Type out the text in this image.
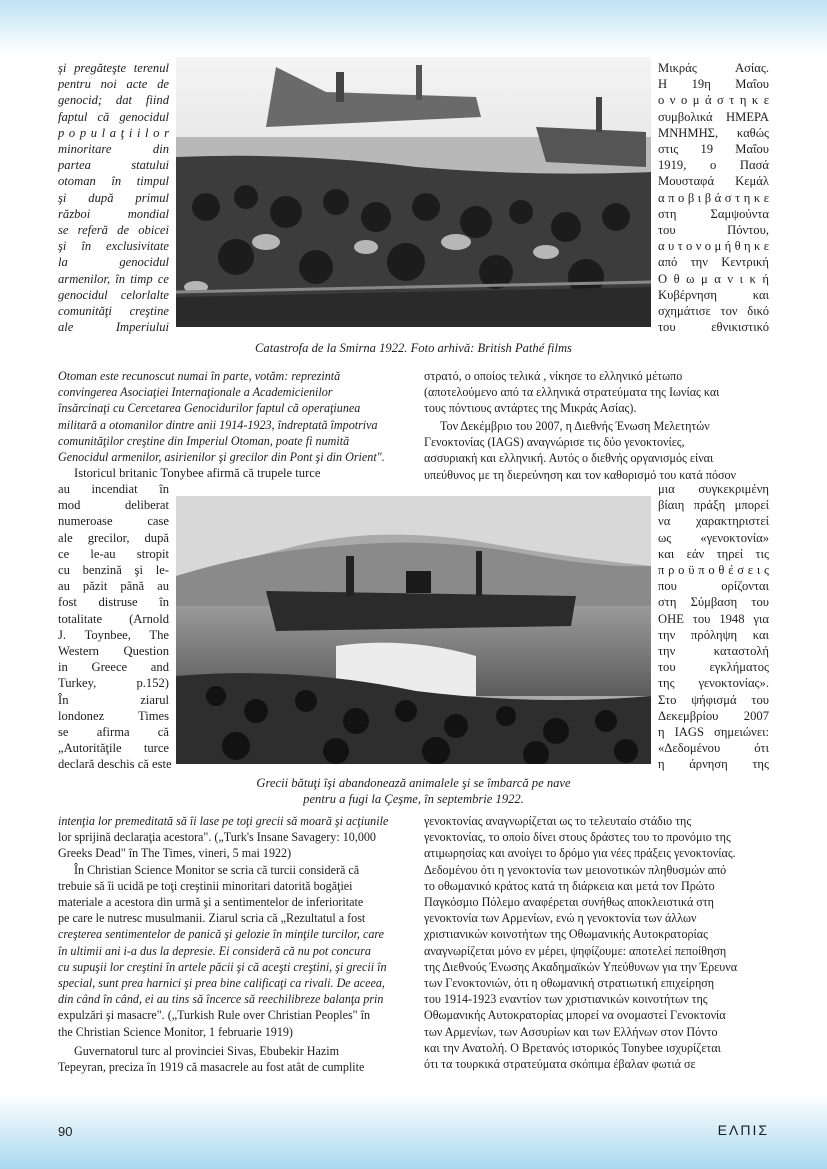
Catastrofa de la Smirna 1922. Foto arhivă: British Pathé films
Grecii bătuţi îşi abandonează animalele şi se îmbarcă pe nave
pentru a fugi la Çeşme, în septembrie 1922.
şi pregăteşte terenul
pentru noi acte de
genocid; dat fiind
faptul că genocidul
p o p u l a ţ i i l o r
minoritare din
partea statului
otoman în timpul
şi după primul
război mondial
se referă de obicei
şi în exclusivitate
la genocidul
armenilor, în timp ce
genocidul celorlalte
comunităţi creştine
ale Imperiului
Μικράς Ασίας.
Η 19η Μαΐου
ο ν ο μ ά σ τ η κ ε
συμβολικά ΗΜΕΡΑ
ΜΝΗΜΗΣ, καθώς
στις 19 Μαΐου
1919, ο Πασά
Μουσταφά Κεμάλ
α π ο β ι β ά σ τ η κ ε
στη Σαμψούντα
του Πόντου,
α υ τ ο ν ο μ ή θ η κ ε
από την Κεντρική
Ο θ ω μ α ν ι κ ή
Κυβέρνηση και
σχημάτισε τον δικό
του εθνικιστικό
Otoman este recunoscut numai în parte, votăm: reprezintă
convingerea Asociaţiei Internaţionale a Academicienilor
însărcinaţi cu Cercetarea Genocidurilor faptul că operaţiunea
militară a otomanilor dintre anii 1914-1923, îndreptată împotriva
comunităţilor creştine din Imperiul Otoman, poate fi numită
Genocidul armenilor, asirienilor şi grecilor din Pont şi din Orient".
Istoricul britanic Tonybee afirmă că trupele turce
στρατό, ο οποίος τελικά , νίκησε το ελληνικό μέτωπο
(αποτελούμενο από τα ελληνικά στρατεύματα της Ιωνίας και
τους πόντιους αντάρτες της Μικράς Ασίας).
Τον Δεκέμβριο του 2007, η Διεθνής Ένωση Μελετητών
Γενοκτονίας (IAGS) αναγνώρισε τις δύο γενοκτονίες,
ασσυριακή και ελληνική. Αυτός ο διεθνής οργανισμός είναι
υπεύθυνος με τη διερεύνηση και τον καθορισμό του κατά πόσον
au incendiat în
mod deliberat
numeroase case
ale grecilor, după
ce le-au stropit
cu benzină şi le-
au păzit până au
fost distruse în
totalitate (Arnold
J. Toynbee, The
Western Question
in Greece and
Turkey, p.152)
În ziarul
londonez Times
se afirma că
„Autorităţile turce
declară deschis că este
μια συγκεκριμένη
βίαιη πράξη μπορεί
να χαρακτηριστεί
ως «γενοκτονία»
και εάν τηρεί τις
π ρ ο ϋ π ο θ έ σ ε ι ς
που ορίζονται
στη Σύμβαση του
ΟΗΕ του 1948 για
την πρόληψη και
την καταστολή
του εγκλήματος
της γενοκτονίας».
Στο ψήφισμά του
Δεκεμβρίου 2007
η IAGS σημειώνει:
«Δεδομένου ότι
η άρνηση της
intenţia lor premeditată să îi lase pe toţi grecii să moară şi acţiunile
lor sprijină declaraţia acestora". („Turk's Insane Savagery: 10,000
Greeks Dead" în The Times, vineri, 5 mai 1922)
În Christian Science Monitor se scria că turcii consideră că
trebuie să îi ucidă pe toţi creştinii minoritari datorită bogăţiei
materiale a acestora din urmă şi a sentimentelor de inferioritate
pe care le nutresc musulmanii. Ziarul scria că „Rezultatul a fost
creşterea sentimentelor de panică şi gelozie în minţile turcilor, care
în ultimii ani i-a dus la depresie. Ei consideră că nu pot concura
cu supuşii lor creştini în artele păcii şi că aceşti creştini, şi grecii în
special, sunt prea harnici şi prea bine calificaţi ca rivali. De aceea,
din când în când, ei au tins să încerce să reechilibreze balanţa prin
expulzări şi masacre". („Turkish Rule over Christian Peoples" în
the Christian Science Monitor, 1 februarie 1919)
Guvernatorul turc al provinciei Sivas, Ebubekir Hazim
Tepeyran, preciza în 1919 că masacrele au fost atât de cumplite
γενοκτονίας αναγνωρίζεται ως το τελευταίο στάδιο της
γενοκτονίας, το οποίο δίνει στους δράστες του το προνόμιο της
ατιμωρησίας και ανοίγει το δρόμο για νέες πράξεις γενοκτονίας.
Δεδομένου ότι η γενοκτονία των μειονοτικών πληθυσμών από
το οθωμανικό κράτος κατά τη διάρκεια και μετά τον Πρώτο
Παγκόσμιο Πόλεμο αναφέρεται συνήθως αποκλειστικά στη
γενοκτονία των Αρμενίων, ενώ η γενοκτονία των άλλων
χριστιανικών κοινοτήτων της Οθωμανικής Αυτοκρατορίας
αναγνωρίζεται μόνο εν μέρει, ψηφίζουμε: αποτελεί πεποίθηση
της Διεθνούς Ένωσης Ακαδημαϊκών Υπεύθυνων για την Έρευνα
των Γενοκτονιών, ότι η οθωμανική στρατιωτική επιχείρηση
του 1914-1923 εναντίον των χριστιανικών κοινοτήτων της
Οθωμανικής Αυτοκρατορίας μπορεί να ονομαστεί Γενοκτονία
των Αρμενίων, των Ασσυρίων και των Ελλήνων στον Πόντο
και την Ανατολή. Ο Βρετανός ιστορικός Tonybee ισχυρίζεται
ότι τα τουρκικά στρατεύματα σκόπιμα έβαλαν φωτιά σε
90	ΕΛΠΙΣ
